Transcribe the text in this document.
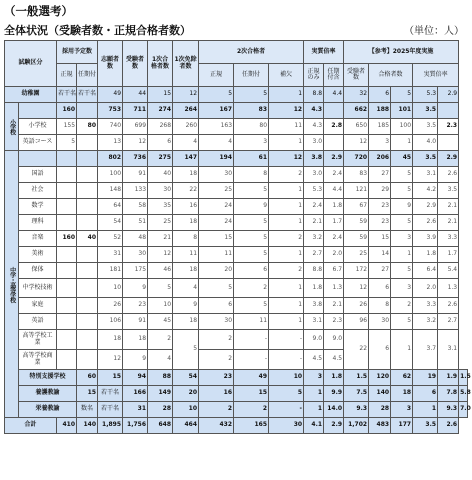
（一般選考）
全体状況（受験者数・正規合格者数）	（単位：人）
試験区分		採用予定数		志願者数	受験者数	1次合格者数	1次免除者数	2次合格者			実質倍率		【参考】2025年度実施					
		正規	任期付					正規	任期付	補欠	正規のみ	任期付含	受験者数	合格者数		実質倍率		
幼稚園		若干名	若干名	49	44	15	12	5	5	1	8.8	4.4	32	6	5	5.3	2.9	
小学校		160		753	711	274	264	167	83	12	4.3		662	188	101	3.5		
	小学校	155	80	740	699	268	260	163	80	11	4.3	2.8	650	185	100	3.5	2.3	
	英語コース	5		13	12	6	4	4	3	1	3.0		12	3	1	4.0		
中学・高等学校				802	736	275	147	194	61	12	3.8	2.9	720	206	45	3.5	2.9	
	国語			100	91	40	18	30	8	2	3.0	2.4	83	27	5	3.1	2.6	
	社会			148	133	30	22	25	5	1	5.3	4.4	121	29	5	4.2	3.5	
	数学			64	58	35	16	24	9	1	2.4	1.8	67	23	9	2.9	2.1	
	理科			54	51	25	18	24	5	1	2.1	1.7	59	23	5	2.6	2.1	
	音楽	160	40	52	48	21	8	15	5	2	3.2	2.4	59	15	3	3.9	3.3	
	美術			31	30	12	11	11	5	1	2.7	2.0	25	14	1	1.8	1.7	
	保体			181	175	46	18	20	6	2	8.8	6.7	172	27	5	6.4	5.4	
	中学校技術			10	9	5	4	5	2	1	1.8	1.3	12	6	3	2.0	1.3	
	家庭			26	23	10	9	6	5	1	3.8	2.1	26	8	2	3.3	2.6	
	英語			106	91	45	18	30	11	1	3.1	2.3	96	30	5	3.2	2.7	
	高等学校工業			18	18	2	5	2	-	-	9.0	9.0	22	6	1	3.7	3.1	
	高等学校商業			12	9	4		2	-	-	4.5	4.5						
	特別支援学校		60	15	94	88	54	23	49	10	3	1.8	1.5	120	62	19	1.9	1.5
	養護教諭		15	若干名	166	149	20	16	15	5	1	9.9	7.5	140	18	6	7.8	5.8
	栄養教諭		数名	若干名	31	28	10	2	2	-	1	14.0	9.3	28	3	1	9.3	7.0
合計		410	140	1,895	1,756	648	464	432	165	30	4.1	2.9	1,702	483	177	3.5	2.6	
